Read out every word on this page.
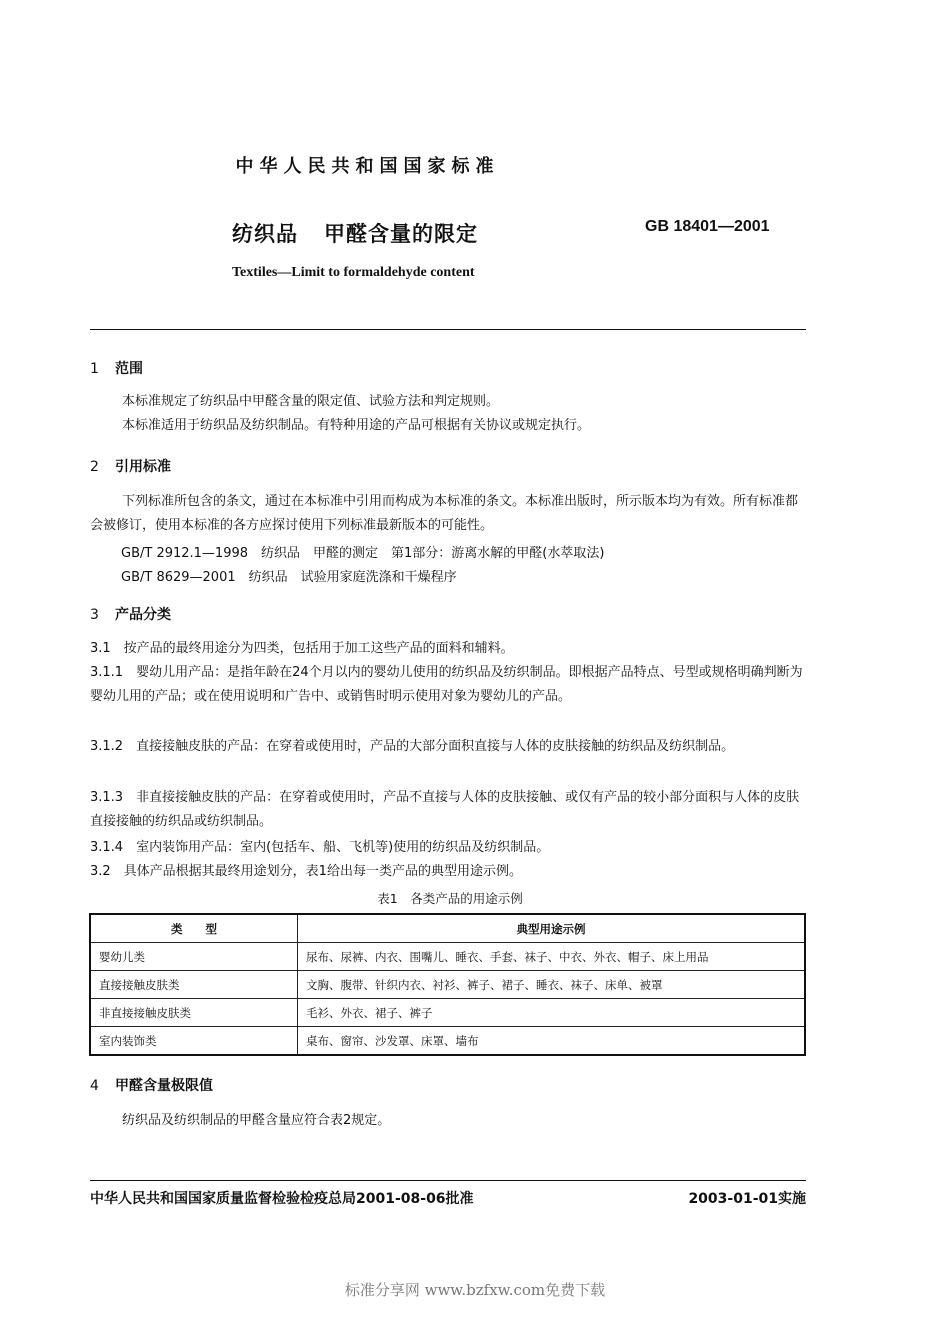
中华人民共和国国家标准
纺织品 甲醛含量的限定	GB 18401—2001
Textiles—Limit to formaldehyde content
1 范围
本标准规定了纺织品中甲醛含量的限定值、试验方法和判定规则。
本标准适用于纺织品及纺织制品。有特种用途的产品可根据有关协议或规定执行。
2 引用标准
下列标准所包含的条文，通过在本标准中引用而构成为本标准的条文。本标准出版时，所示版本均为有效。所有标准都会被修订，使用本标准的各方应探讨使用下列标准最新版本的可能性。
GB/T 2912.1—1998　纺织品　甲醛的测定　第1部分：游离水解的甲醛(水萃取法)
GB/T 8629—2001　纺织品　试验用家庭洗涤和干燥程序
3 产品分类
3.1　按产品的最终用途分为四类，包括用于加工这些产品的面料和辅料。
3.1.1　婴幼儿用产品：是指年龄在24个月以内的婴幼儿使用的纺织品及纺织制品。即根据产品特点、号型或规格明确判断为婴幼儿用的产品；或在使用说明和广告中、或销售时明示使用对象为婴幼儿的产品。
3.1.2　直接接触皮肤的产品：在穿着或使用时，产品的大部分面积直接与人体的皮肤接触的纺织品及纺织制品。
3.1.3　非直接接触皮肤的产品：在穿着或使用时，产品不直接与人体的皮肤接触、或仅有产品的较小部分面积与人体的皮肤直接接触的纺织品或纺织制品。
3.1.4　室内装饰用产品：室内(包括车、船、飞机等)使用的纺织品及纺织制品。
3.2　具体产品根据其最终用途划分，表1给出每一类产品的典型用途示例。
表1　各类产品的用途示例
类　　型	典型用途示例
婴幼儿类	尿布、尿裤、内衣、围嘴儿、睡衣、手套、袜子、中衣、外衣、帽子、床上用品
直接接触皮肤类	文胸、腹带、针织内衣、衬衫、裤子、裙子、睡衣、袜子、床单、被罩
非直接接触皮肤类	毛衫、外衣、裙子、裤子
室内装饰类	桌布、窗帘、沙发罩、床罩、墙布
4 甲醛含量极限值
纺织品及纺织制品的甲醛含量应符合表2规定。
中华人民共和国国家质量监督检验检疫总局2001-08-06批准	2003-01-01实施
标准分享网 www.bzfxw.com免费下载
